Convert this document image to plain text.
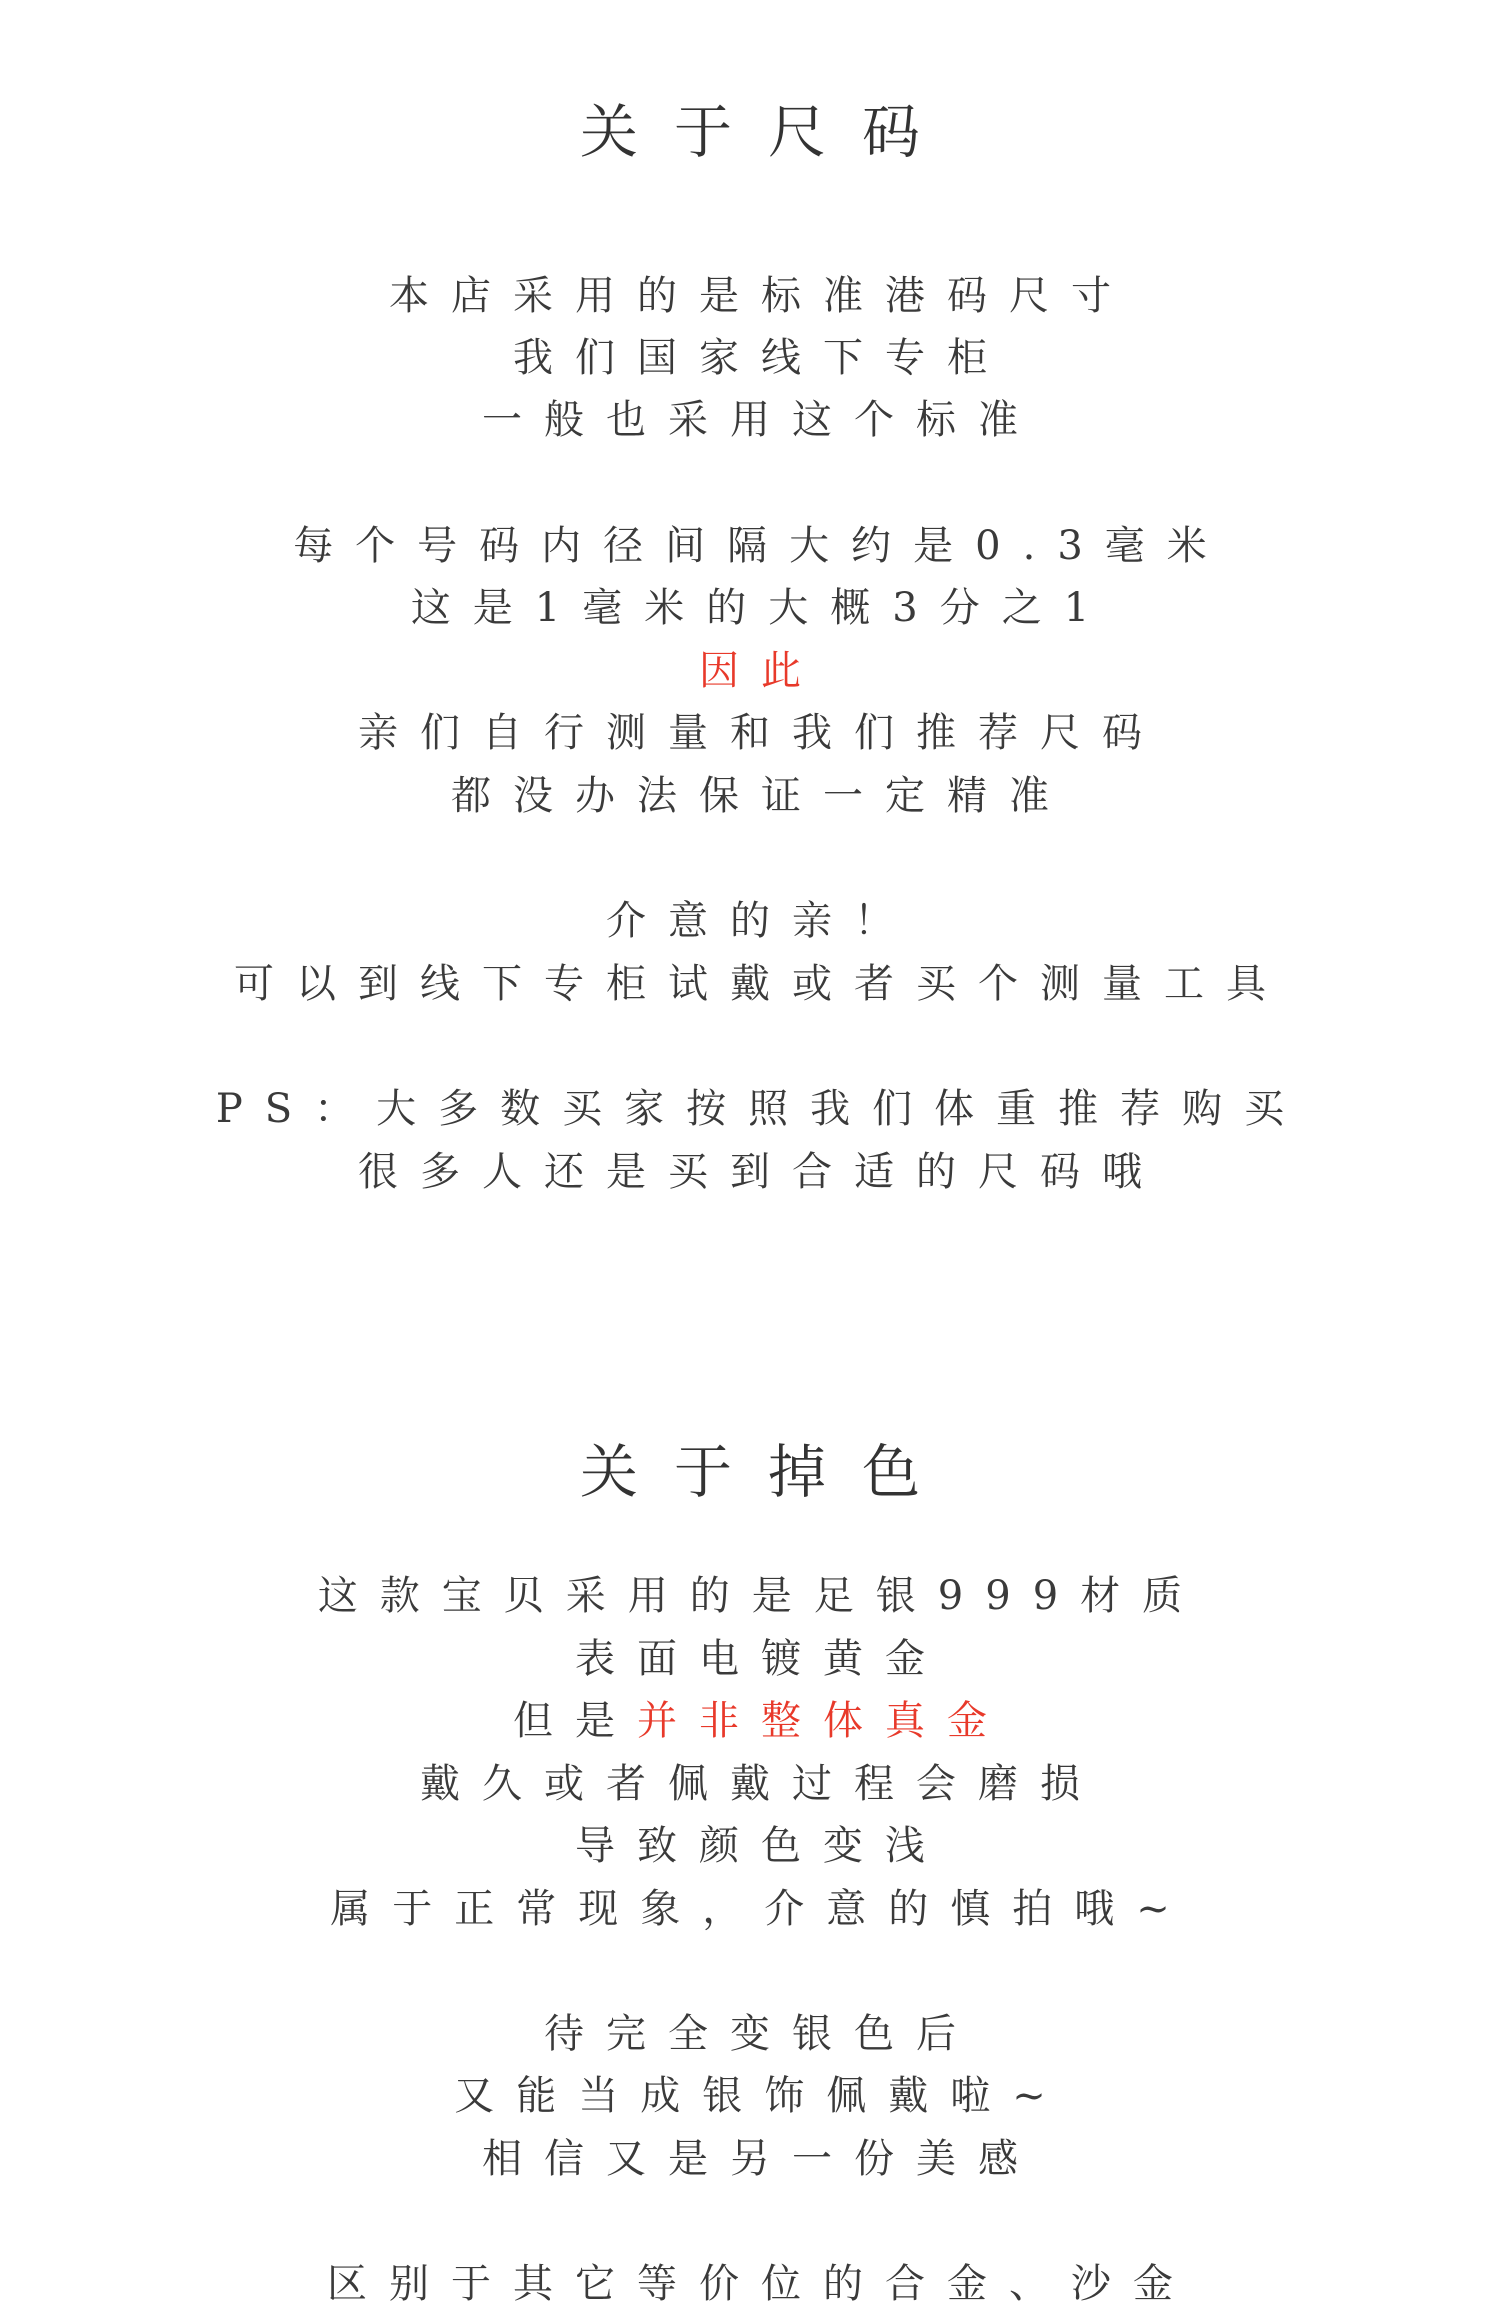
关于尺码
本店采用的是标准港码尺寸
我们国家线下专柜
一般也采用这个标准
每个号码内径间隔大约是0.3毫米
这是1毫米的大概3分之1
因此
亲们自行测量和我们推荐尺码
都没办法保证一定精准
介意的亲！
可以到线下专柜试戴或者买个测量工具
PS：大多数买家按照我们体重推荐购买
很多人还是买到合适的尺码哦
关于掉色
这款宝贝采用的是足银999材质
表面电镀黄金
但是并非整体真金
戴久或者佩戴过程会磨损
导致颜色变浅
属于正常现象，介意的慎拍哦~
待完全变银色后
又能当成银饰佩戴啦~
相信又是另一份美感
区别于其它等价位的合金、沙金
